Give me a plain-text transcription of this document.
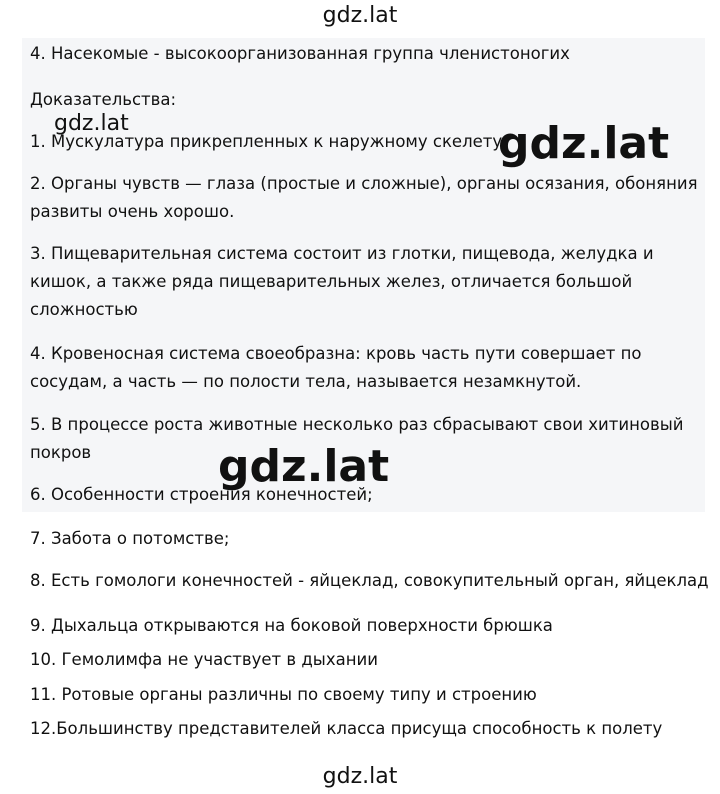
gdz.lat
4. Насекомые - высокоорганизованная группа членистоногих
Доказательства:
1. Мускулатура прикрепленных к наружному скелету.
2. Органы чувств — глаза (простые и сложные), органы осязания, обоняния
развиты очень хорошо.
3. Пищеварительная система состоит из глотки, пищевода, желудка и
кишок, а также ряда пищеварительных желез, отличается большой
сложностью
4. Кровеносная система своеобразна: кровь часть пути совершает по
сосудам, а часть — по полости тела, называется незамкнутой.
5. В процессе роста животные несколько раз сбрасывают свои хитиновый
покров
6. Особенности строения конечностей;
7. Забота о потомстве;
8. Есть гомологи конечностей - яйцеклад, совокупительный орган, яйцеклад
9. Дыхальца открываются на боковой поверхности брюшка
10. Гемолимфа не участвует в дыхании
11. Ротовые органы различны по своему типу и строению
12.Большинству представителей класса присуща способность к полету
gdz.lat	gdz.lat
gdz.lat
gdz.lat
